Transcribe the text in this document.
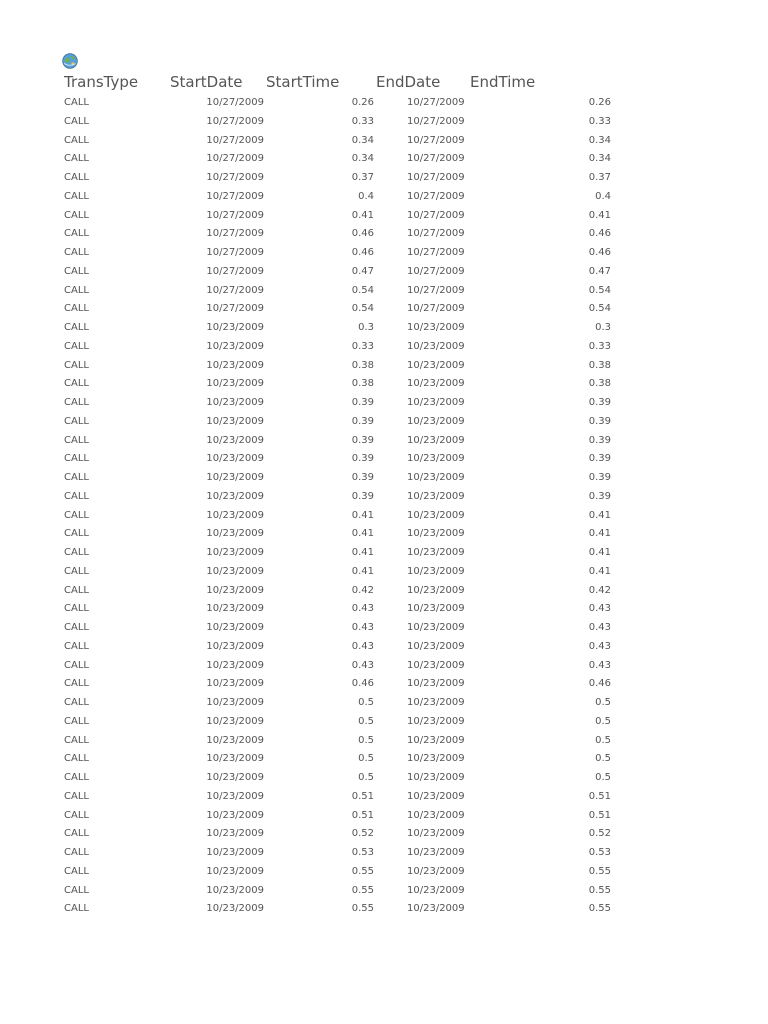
TransType StartDate StartTime EndDate EndTime
CALL	10/27/2009	0.26	10/27/2009	0.26
CALL	10/27/2009	0.33	10/27/2009	0.33
CALL	10/27/2009	0.34	10/27/2009	0.34
CALL	10/27/2009	0.34	10/27/2009	0.34
CALL	10/27/2009	0.37	10/27/2009	0.37
CALL	10/27/2009	0.4	10/27/2009	0.4
CALL	10/27/2009	0.41	10/27/2009	0.41
CALL	10/27/2009	0.46	10/27/2009	0.46
CALL	10/27/2009	0.46	10/27/2009	0.46
CALL	10/27/2009	0.47	10/27/2009	0.47
CALL	10/27/2009	0.54	10/27/2009	0.54
CALL	10/27/2009	0.54	10/27/2009	0.54
CALL	10/23/2009	0.3	10/23/2009	0.3
CALL	10/23/2009	0.33	10/23/2009	0.33
CALL	10/23/2009	0.38	10/23/2009	0.38
CALL	10/23/2009	0.38	10/23/2009	0.38
CALL	10/23/2009	0.39	10/23/2009	0.39
CALL	10/23/2009	0.39	10/23/2009	0.39
CALL	10/23/2009	0.39	10/23/2009	0.39
CALL	10/23/2009	0.39	10/23/2009	0.39
CALL	10/23/2009	0.39	10/23/2009	0.39
CALL	10/23/2009	0.39	10/23/2009	0.39
CALL	10/23/2009	0.41	10/23/2009	0.41
CALL	10/23/2009	0.41	10/23/2009	0.41
CALL	10/23/2009	0.41	10/23/2009	0.41
CALL	10/23/2009	0.41	10/23/2009	0.41
CALL	10/23/2009	0.42	10/23/2009	0.42
CALL	10/23/2009	0.43	10/23/2009	0.43
CALL	10/23/2009	0.43	10/23/2009	0.43
CALL	10/23/2009	0.43	10/23/2009	0.43
CALL	10/23/2009	0.43	10/23/2009	0.43
CALL	10/23/2009	0.46	10/23/2009	0.46
CALL	10/23/2009	0.5	10/23/2009	0.5
CALL	10/23/2009	0.5	10/23/2009	0.5
CALL	10/23/2009	0.5	10/23/2009	0.5
CALL	10/23/2009	0.5	10/23/2009	0.5
CALL	10/23/2009	0.5	10/23/2009	0.5
CALL	10/23/2009	0.51	10/23/2009	0.51
CALL	10/23/2009	0.51	10/23/2009	0.51
CALL	10/23/2009	0.52	10/23/2009	0.52
CALL	10/23/2009	0.53	10/23/2009	0.53
CALL	10/23/2009	0.55	10/23/2009	0.55
CALL	10/23/2009	0.55	10/23/2009	0.55
CALL	10/23/2009	0.55	10/23/2009	0.55
